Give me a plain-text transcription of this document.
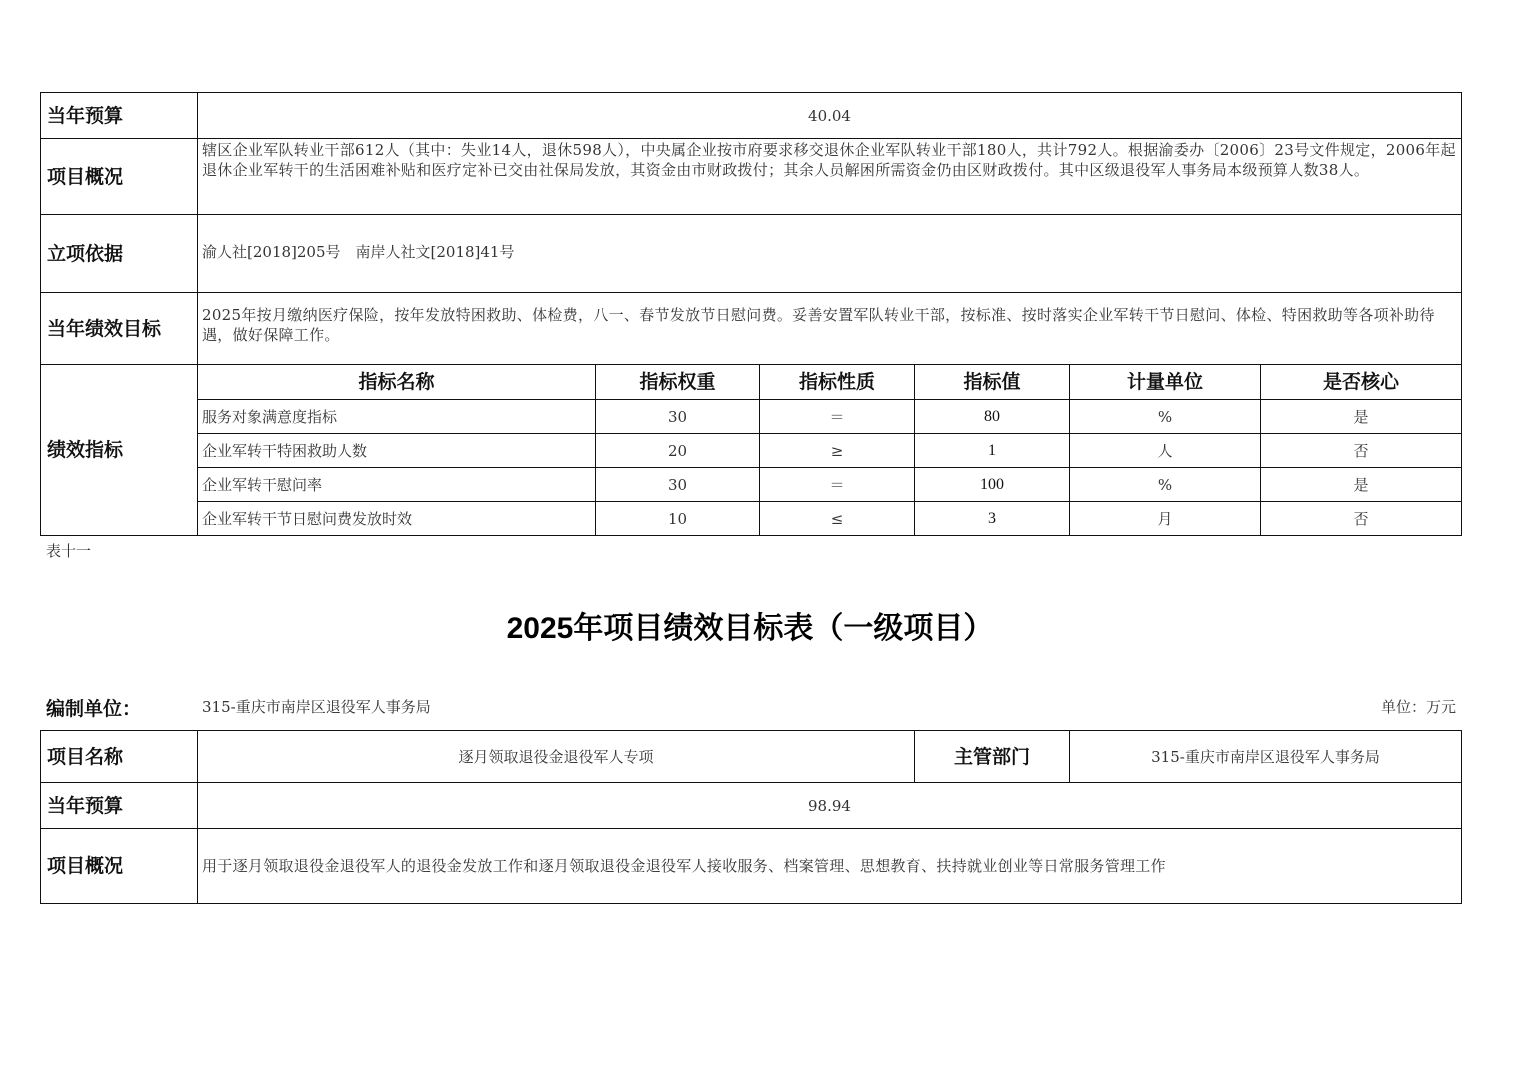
当年预算	40.04					
项目概况	辖区企业军队转业干部612人（其中：失业14人，退休598人），中央属企业按市府要求移交退休企业军队转业干部180人，共计792人。根据渝委办〔2006〕23号文件规定，2006年起退休企业军转干的生活困难补贴和医疗定补已交由社保局发放，其资金由市财政拨付；其余人员解困所需资金仍由区财政拨付。其中区级退役军人事务局本级预算人数38人。					
立项依据	渝人社[2018]205号　南岸人社文[2018]41号					
当年绩效目标	2025年按月缴纳医疗保险，按年发放特困救助、体检费，八一、春节发放节日慰问费。妥善安置军队转业干部，按标准、按时落实企业军转干节日慰问、体检、特困救助等各项补助待遇，做好保障工作。					
绩效指标	指标名称	指标权重	指标性质	指标值	计量单位	是否核心
	服务对象满意度指标	30	＝	80	%	是
	企业军转干特困救助人数	20	≥	1	人	否
	企业军转干慰问率	30	＝	100	%	是
	企业军转干节日慰问费发放时效	10	≤	3	月	否
表十一
2025年项目绩效目标表（一级项目）
编制单位：	315-重庆市南岸区退役军人事务局	单位：万元
项目名称	逐月领取退役金退役军人专项	主管部门	315-重庆市南岸区退役军人事务局
当年预算	98.94		
项目概况	用于逐月领取退役金退役军人的退役金发放工作和逐月领取退役金退役军人接收服务、档案管理、思想教育、扶持就业创业等日常服务管理工作		
